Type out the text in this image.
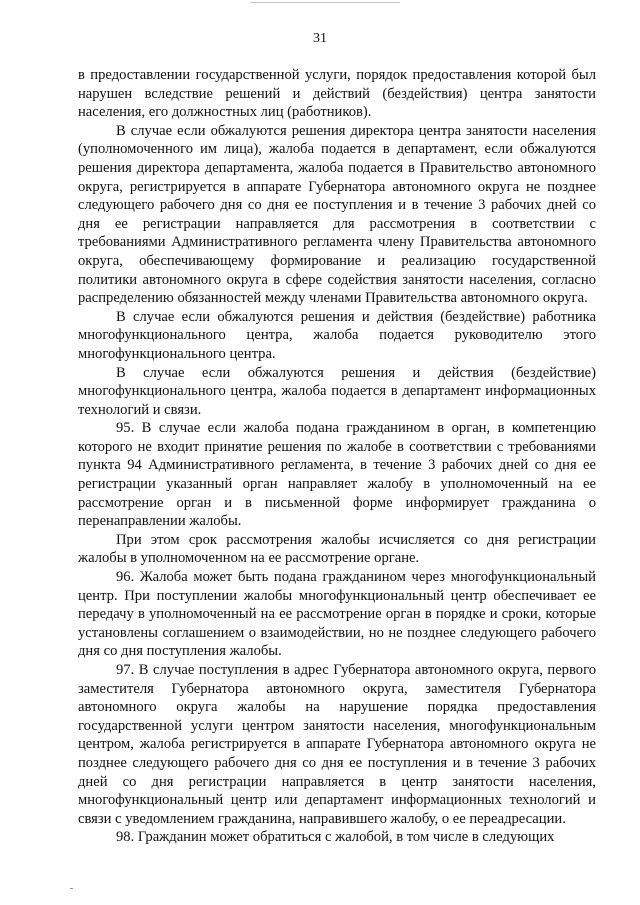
31

в предоставлении государственной услуги, порядок предоставления которой был нарушен вследствие решений и действий (бездействия) центра занятости населения, его должностных лиц (работников).

В случае если обжалуются решения директора центра занятости населения (уполномоченного им лица), жалоба подается в департамент, если обжалуются решения директора департамента, жалоба подается в Правительство автономного округа, регистрируется в аппарате Губернатора автономного округа не позднее следующего рабочего дня со дня ее поступления и в течение 3 рабочих дней со дня ее регистрации направляется для рассмотрения в соответствии с требованиями Административного регламента члену Правительства автономного округа, обеспечивающему формирование и реализацию государственной политики автономного округа в сфере содействия занятости населения, согласно распределению обязанностей между членами Правительства автономного округа.

В случае если обжалуются решения и действия (бездействие) работника многофункционального центра, жалоба подается руководителю этого многофункционального центра.

В случае если обжалуются решения и действия (бездействие) многофункционального центра, жалоба подается в департамент информационных технологий и связи.

95. В случае если жалоба подана гражданином в орган, в компетенцию которого не входит принятие решения по жалобе в соответствии с требованиями пункта 94 Административного регламента, в течение 3 рабочих дней со дня ее регистрации указанный орган направляет жалобу в уполномоченный на ее рассмотрение орган и в письменной форме информирует гражданина о перенаправлении жалобы.

При этом срок рассмотрения жалобы исчисляется со дня регистрации жалобы в уполномоченном на ее рассмотрение органе.

96. Жалоба может быть подана гражданином через многофункциональный центр. При поступлении жалобы многофункциональный центр обеспечивает ее передачу в уполномоченный на ее рассмотрение орган в порядке и сроки, которые установлены соглашением о взаимодействии, но не позднее следующего рабочего дня со дня поступления жалобы.

97. В случае поступления в адрес Губернатора автономного округа, первого заместителя Губернатора автономного округа, заместителя Губернатора автономного округа жалобы на нарушение порядка предоставления государственной услуги центром занятости населения, многофункциональным центром, жалоба регистрируется в аппарате Губернатора автономного округа не позднее следующего рабочего дня со дня ее поступления и в течение 3 рабочих дней со дня регистрации направляется в центр занятости населения, многофункциональный центр или департамент информационных технологий и связи с уведомлением гражданина, направившего жалобу, о ее переадресации.

98. Гражданин может обратиться с жалобой, в том числе в следующих
